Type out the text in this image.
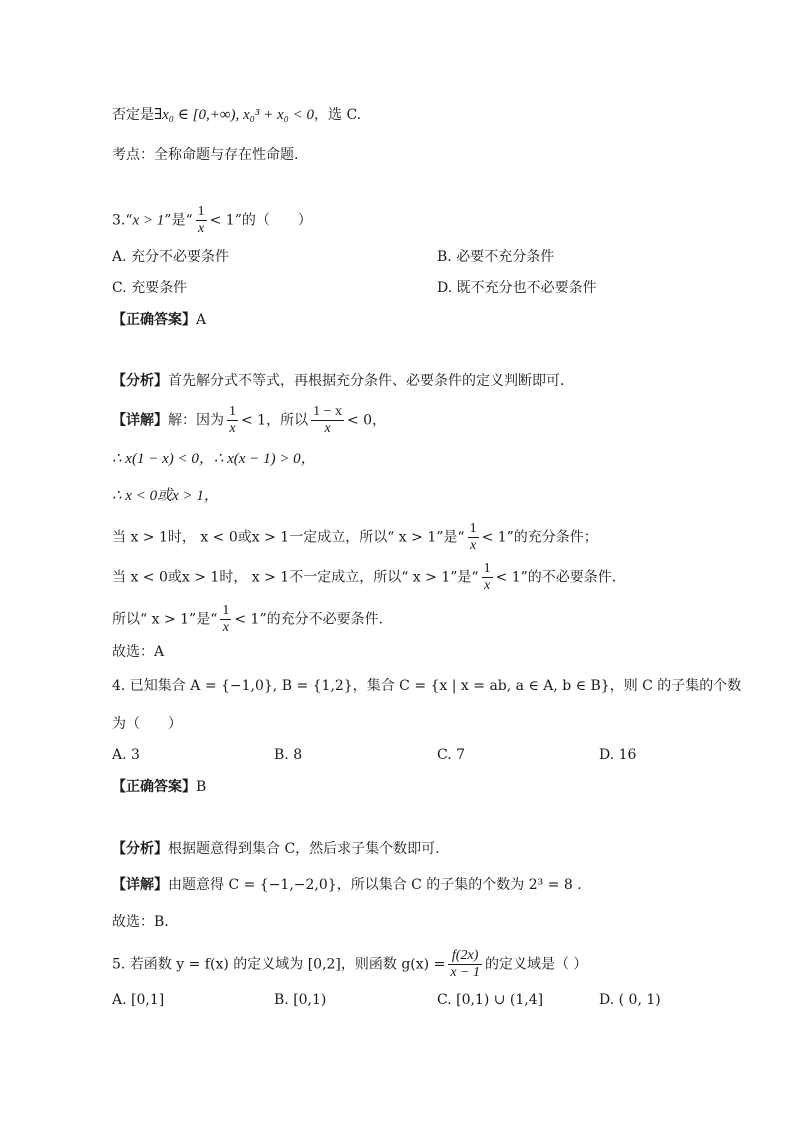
否定是∃x₀ ∈ [0,+∞), x₀³ + x₀ < 0，选 C.
考点：全称命题与存在性命题.
3.“x > 1”是“ $\frac{1}{x} < 1$”的（　　）
A. 充分不必要条件	B. 必要不充分条件
C. 充要条件	D. 既不充分也不必要条件
【正确答案】A
【分析】首先解分式不等式，再根据充分条件、必要条件的定义判断即可．
【详解】解：因为 $\frac{1}{x} < 1$，所以 $\frac{1 - x}{x} < 0$，
∴ x(1 − x) < 0，∴ x(x − 1) > 0，
∴ x < 0或x > 1，
当 x > 1时， x < 0或x > 1一定成立，所以“ x > 1”是“ $\frac{1}{x} < 1$”的充分条件；
当 x < 0或x > 1时， x > 1不一定成立，所以“ x > 1”是“ $\frac{1}{x} < 1$”的不必要条件．
所以“ x > 1”是“ $\frac{1}{x} < 1$”的充分不必要条件．
故选：A
4. 已知集合 A = {−1,0}, B = {1,2}，集合 C = {x | x = ab, a ∈ A, b ∈ B}，则 C 的子集的个数
为（　　）
A. 3	B. 8	C. 7	D. 16
【正确答案】B
【分析】根据题意得到集合 C，然后求子集个数即可.
【详解】由题意得 C = {−1,−2,0}，所以集合 C 的子集的个数为 2³ = 8 .
故选：B.
5. 若函数 y = f(x) 的定义域为 [0,2]，则函数 $g(x) = \frac{f(2x)}{x - 1}$ 的定义域是（ ）
A. [0,1]	B. [0,1)	C. [0,1) ∪ (1,4]	D. ( 0, 1)
